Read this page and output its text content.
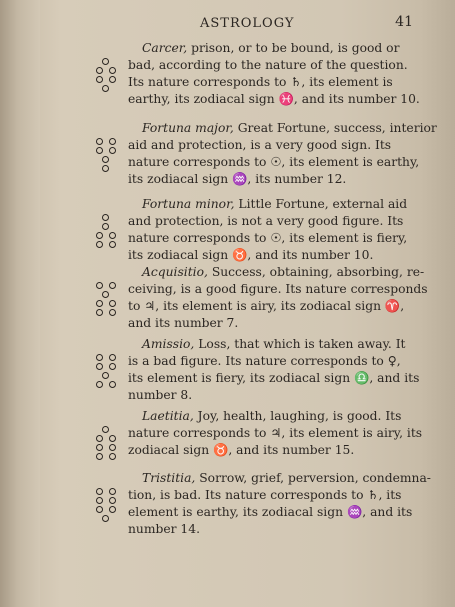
ASTROLOGY	41
Carcer, prison, or to be bound, is good or
bad, according to the nature of the question.
Its nature corresponds to ♄, its element is
earthy, its zodiacal sign ♓, and its number 10.
Fortuna major, Great Fortune, success, interior
aid and protection, is a very good sign. Its
nature corresponds to ☉, its element is earthy,
its zodiacal sign ♒, its number 12.
Fortuna minor, Little Fortune, external aid
and protection, is not a very good figure. Its
nature corresponds to ☉, its element is fiery,
its zodiacal sign ♉, and its number 10.
Acquisitio, Success, obtaining, absorbing, re-
ceiving, is a good figure. Its nature corresponds
to ♃, its element is airy, its zodiacal sign ♈,
and its number 7.
Amissio, Loss, that which is taken away. It
is a bad figure. Its nature corresponds to ♀,
its element is fiery, its zodiacal sign ♎, and its
number 8.
Laetitia, Joy, health, laughing, is good. Its
nature corresponds to ♃, its element is airy, its
zodiacal sign ♉, and its number 15.
Tristitia, Sorrow, grief, perversion, condemna-
tion, is bad. Its nature corresponds to ♄, its
element is earthy, its zodiacal sign ♒, and its
number 14.
